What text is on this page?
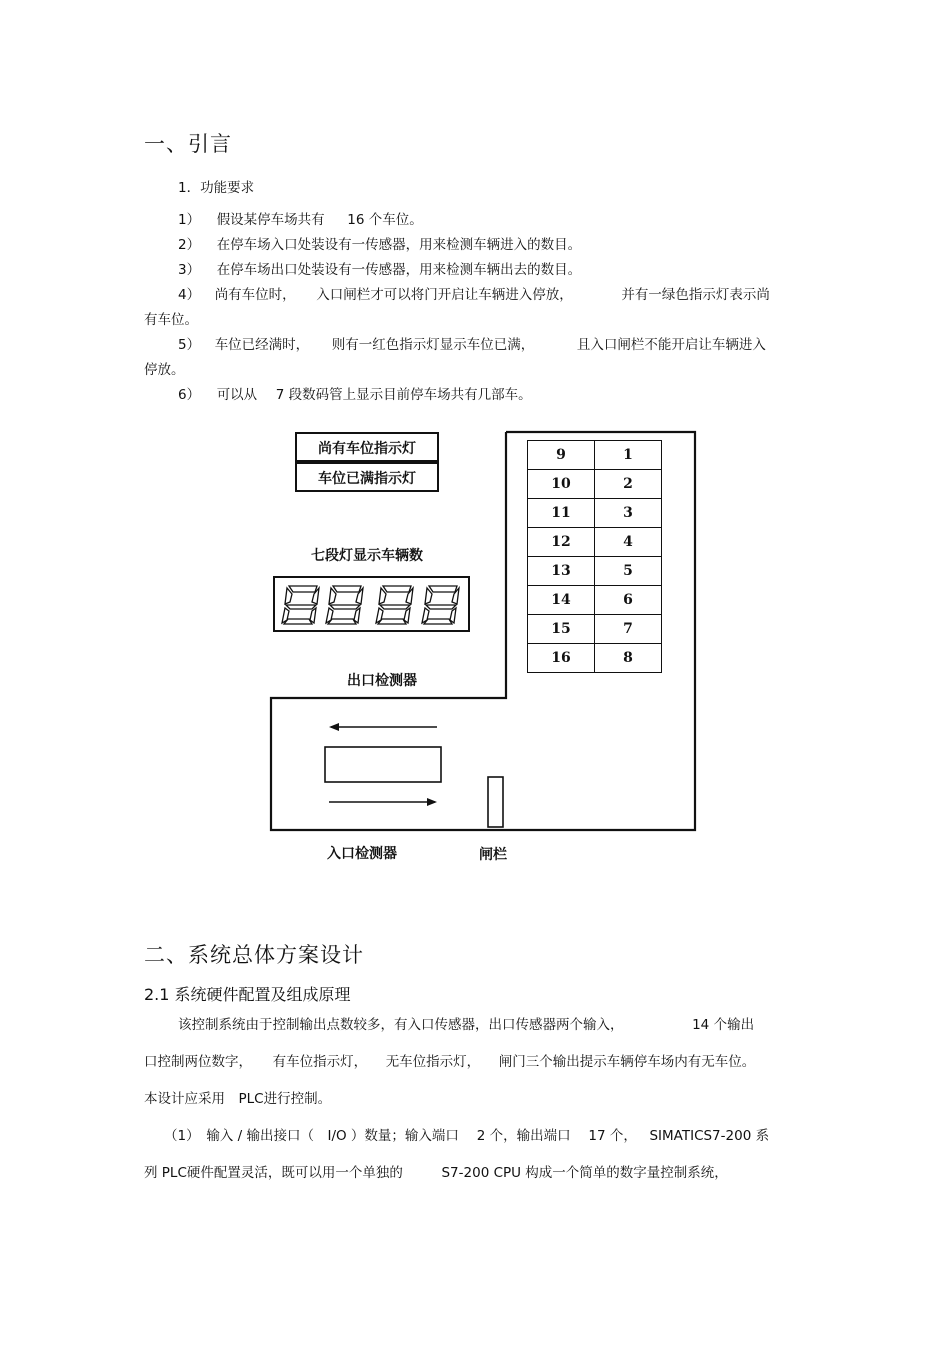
一、引言
1．功能要求
1） 假设某停车场共有 16 个车位。
2） 在停车场入口处装设有一传感器，用来检测车辆进入的数目。
3） 在停车场出口处装设有一传感器，用来检测车辆出去的数目。
4） 尚有车位时， 入口闸栏才可以将门开启让车辆进入停放，	并有一绿色指示灯表示尚
有车位。
5） 车位已经满时， 则有一红色指示灯显示车位已满，	且入口闸栏不能开启让车辆进入
停放。
6） 可以从 7 段数码管上显示目前停车场共有几部车。
尚有车位指示灯
车位已满指示灯
七段灯显示车辆数
出口检测器
9	1
10	2
11	3
12	4
13	5
14	6
15	7
16	8
入口检测器	闸栏
二、系统总体方案设计
2.1 系统硬件配置及组成原理
该控制系统由于控制输出点数较多，有入口传感器，出口传感器两个输入，	14 个输出
口控制两位数字， 有车位指示灯， 无车位指示灯， 闸门三个输出提示车辆停车场内有无车位。
本设计应采用　PLC进行控制。
（1）　输入 / 输出接口（　I/O ）数量；输入端口　 2 个，输出端口　 17 个， SIMATICS7-200 系
列 PLC硬件配置灵活，既可以用一个单独的	S7-200 CPU 构成一个简单的数字量控制系统，
